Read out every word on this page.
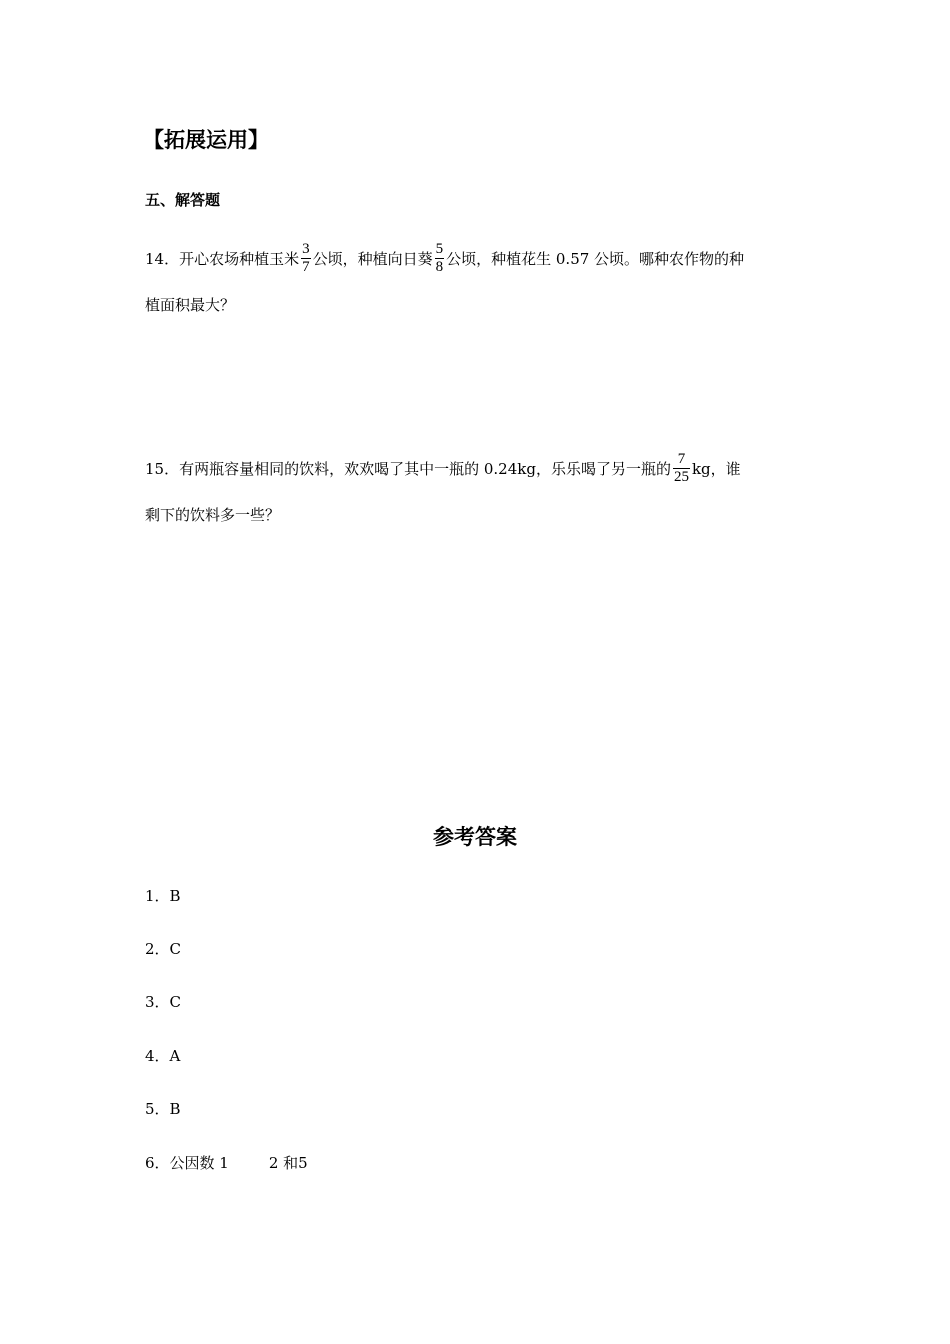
【拓展运用】
五、解答题
14．开心农场种植玉米 $\frac{3}{7}$ 公顷，种植向日葵 $\frac{5}{8}$ 公顷，种植花生 0.57 公顷。哪种农作物的种
植面积最大？
15．有两瓶容量相同的饮料，欢欢喝了其中一瓶的 0.24kg，乐乐喝了另一瓶的 $\frac{7}{25}$ kg，谁
剩下的饮料多一些？
参考答案
1．B
2．C
3．C
4．A
5．B
6．公因数 1	2 和5
